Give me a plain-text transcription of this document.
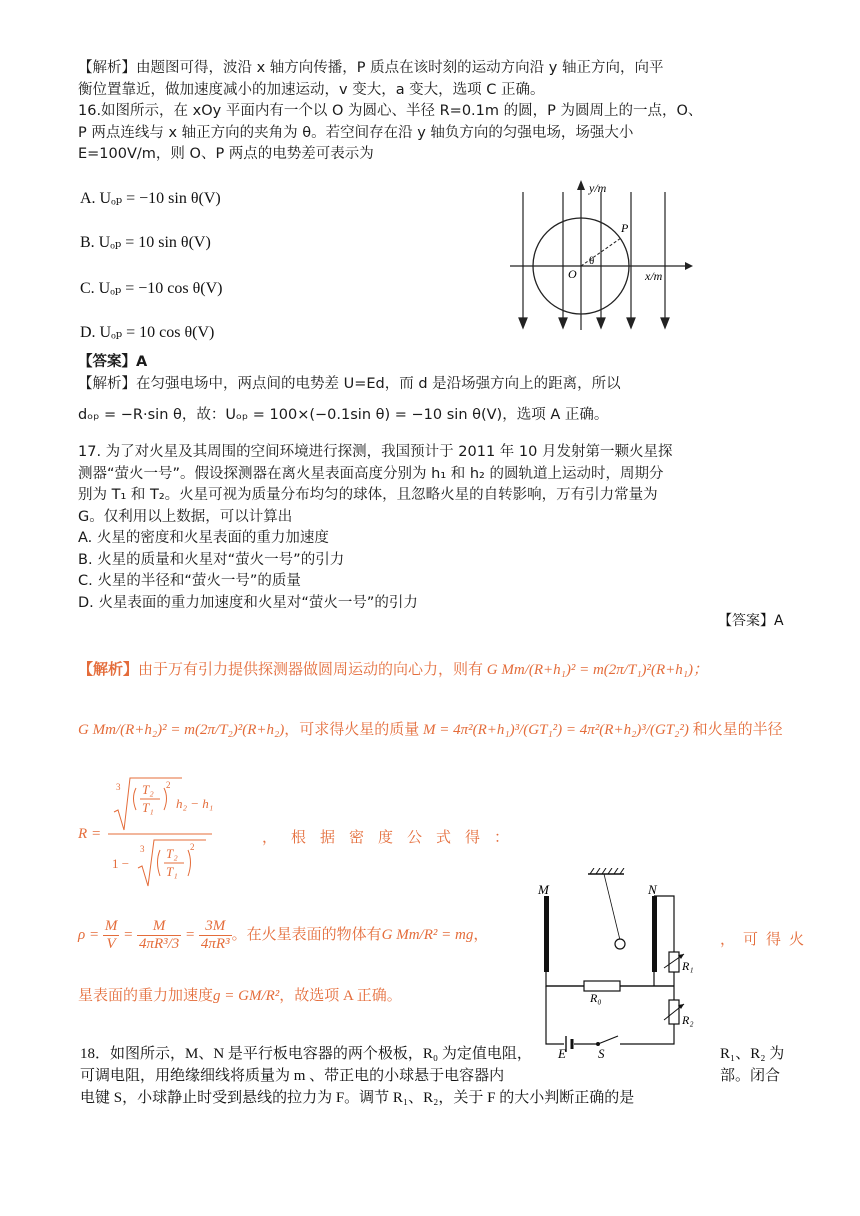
【解析】由题图可得，波沿 x 轴方向传播，P 质点在该时刻的运动方向沿 y 轴正方向，向平
衡位置靠近，做加速度减小的加速运动，v 变大，a 变大，选项 C 正确。
16.如图所示，在 xOy 平面内有一个以 O 为圆心、半径 R=0.1m 的圆，P 为圆周上的一点，O、
P 两点连线与 x 轴正方向的夹角为 θ。若空间存在沿 y 轴负方向的匀强电场，场强大小
E=100V/m，则 O、P 两点的电势差可表示为
A. Uₒₚ = −10 sin θ(V)
B. Uₒₚ = 10 sin θ(V)
C. Uₒₚ = −10 cos θ(V)
D. Uₒₚ = 10 cos θ(V)
y/m
x/m
O
P
θ
【答案】A
【解析】在匀强电场中，两点间的电势差 U=Ed，而 d 是沿场强方向上的距离，所以
dₒₚ = −R·sin θ，故：Uₒₚ = 100×(−0.1sin θ) = −10 sin θ(V)，选项 A 正确。
17. 为了对火星及其周围的空间环境进行探测，我国预计于 2011 年 10 月发射第一颗火星探
测器“萤火一号”。假设探测器在离火星表面高度分别为 h₁ 和 h₂ 的圆轨道上运动时，周期分
别为 T₁ 和 T₂。火星可视为质量分布均匀的球体，且忽略火星的自转影响，万有引力常量为
G。仅利用以上数据，可以计算出
A. 火星的密度和火星表面的重力加速度
B. 火星的质量和火星对“萤火一号”的引力
C. 火星的半径和“萤火一号”的质量
D. 火星表面的重力加速度和火星对“萤火一号”的引力
【答案】A
【解析】由于万有引力提供探测器做圆周运动的向心力，则有 G Mm/(R+h₁)² = m(2π/T₁)²(R+h₁)；
G Mm/(R+h₂)² = m(2π/T₂)²(R+h₂)，可求得火星的质量 M = 4π²(R+h₁)³/(GT₁²) = 4π²(R+h₂)³/(GT₂²) 和火星的半径
R =
3 T₂
T₁
2
h₂ − h₁
1 −
3 T₂
T₁
2
，根据密度公式得：
$\rho = \frac{M}{V} = \frac{M}{\text{4πR³/3}} = \frac{3M}{\text{4πR³}}$ 。在火星表面的物体有G Mm/R² = mg，	，可得火
星表面的重力加速度g = GM/R²，故选项 A 正确。
M	N
R₀
R₁
R₂
E S
18．如图所示，M、N 是平行板电容器的两个极板，R₀ 为定值电阻，	R₁、R₂ 为
可调电阻，用绝缘细线将质量为 m 、带正电的小球悬于电容器内	部。闭合
电键 S，小球静止时受到悬线的拉力为 F。调节 R₁、R₂，关于 F 的大小判断正确的是
